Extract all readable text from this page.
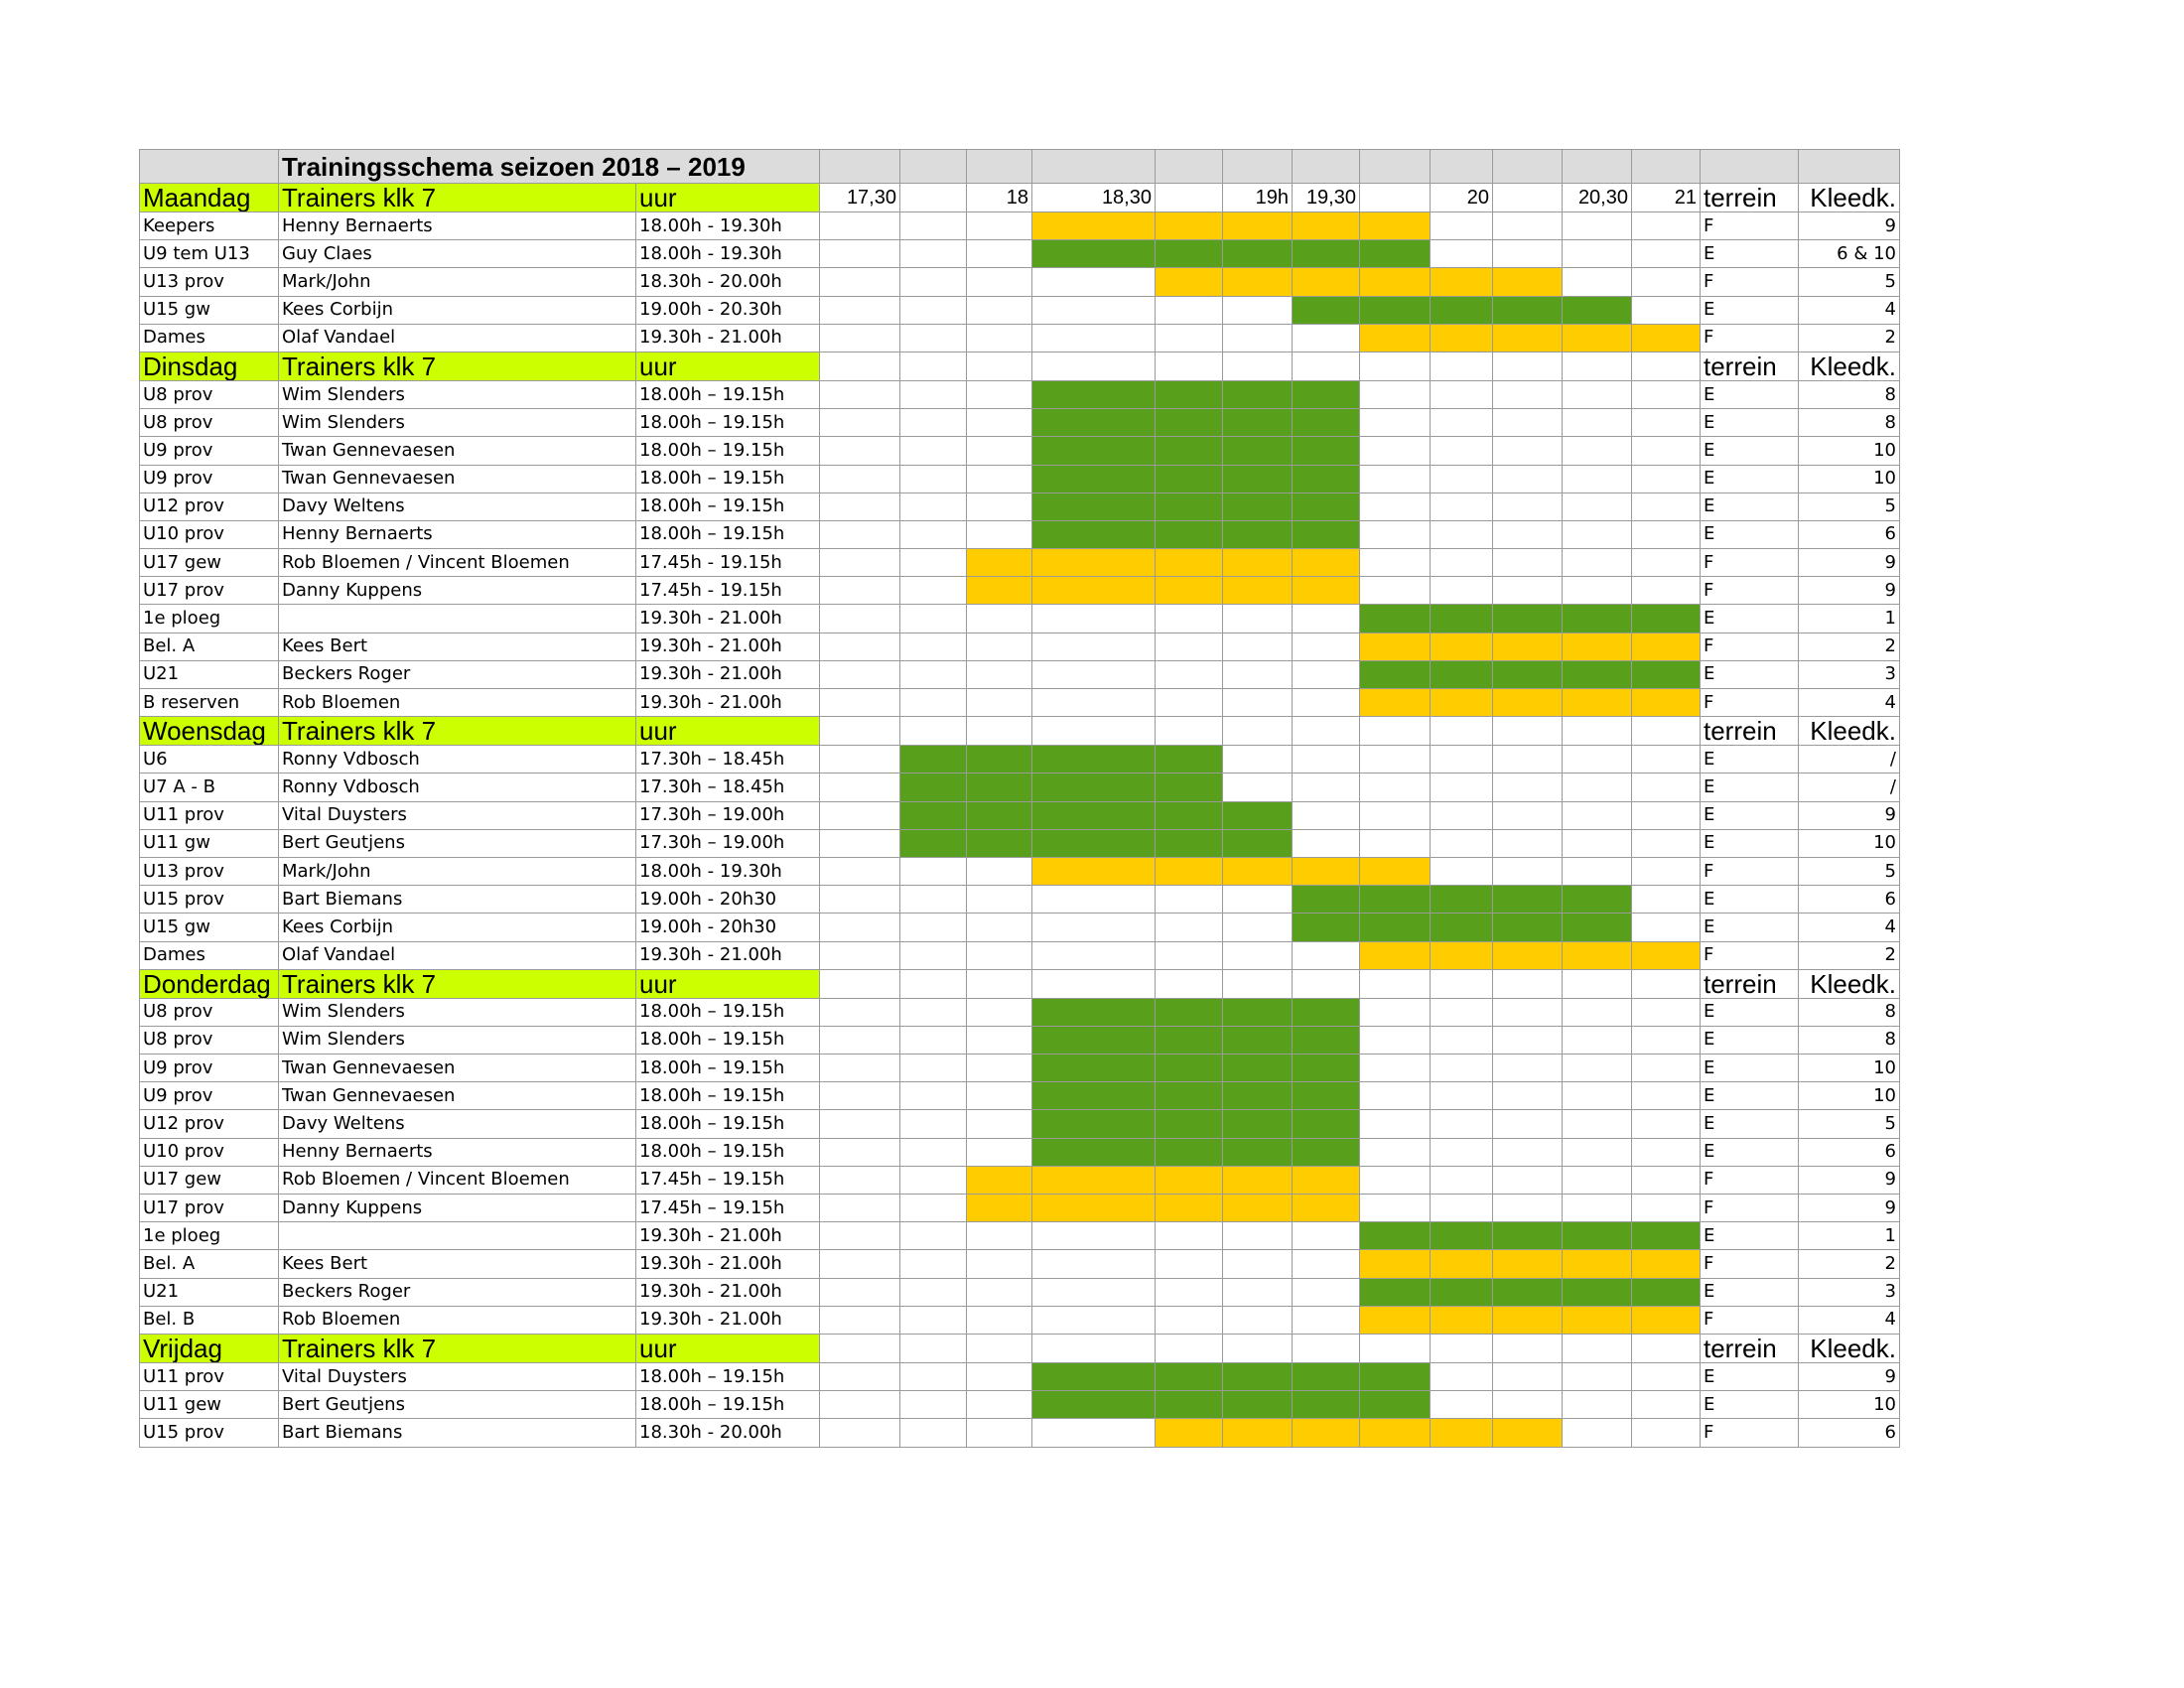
	Trainingsschema seizoen 2018 – 2019															
Maandag	Trainers klk 7	uur	17,30		18	18,30		19h	19,30		20		20,30	21	terrein	Kleedk.
Keepers	Henny Bernaerts	18.00h - 19.30h													F	9
U9 tem U13	Guy Claes	18.00h - 19.30h													E	6 & 10
U13 prov	Mark/John	18.30h - 20.00h													F	5
U15 gw	Kees Corbijn	19.00h - 20.30h													E	4
Dames	Olaf Vandael	19.30h - 21.00h													F	2
Dinsdag	Trainers klk 7	uur													terrein	Kleedk.
U8 prov	Wim Slenders	18.00h – 19.15h													E	8
U8 prov	Wim Slenders	18.00h – 19.15h													E	8
U9 prov	Twan Gennevaesen	18.00h – 19.15h													E	10
U9 prov	Twan Gennevaesen	18.00h – 19.15h													E	10
U12 prov	Davy Weltens	18.00h – 19.15h													E	5
U10 prov	Henny Bernaerts	18.00h – 19.15h													E	6
U17 gew	Rob Bloemen / Vincent Bloemen	17.45h - 19.15h													F	9
U17 prov	Danny Kuppens	17.45h - 19.15h													F	9
1e ploeg		19.30h - 21.00h													E	1
Bel. A	Kees Bert	19.30h - 21.00h													F	2
U21	Beckers Roger	19.30h - 21.00h													E	3
B reserven	Rob Bloemen	19.30h - 21.00h													F	4
Woensdag	Trainers klk 7	uur													terrein	Kleedk.
U6	Ronny Vdbosch	17.30h – 18.45h													E	/
U7 A - B	Ronny Vdbosch	17.30h – 18.45h													E	/
U11 prov	Vital Duysters	17.30h – 19.00h													E	9
U11 gw	Bert Geutjens	17.30h – 19.00h													E	10
U13 prov	Mark/John	18.00h - 19.30h													F	5
U15 prov	Bart Biemans	19.00h - 20h30													E	6
U15 gw	Kees Corbijn	19.00h - 20h30													E	4
Dames	Olaf Vandael	19.30h - 21.00h													F	2
Donderdag	Trainers klk 7	uur													terrein	Kleedk.
U8 prov	Wim Slenders	18.00h – 19.15h													E	8
U8 prov	Wim Slenders	18.00h – 19.15h													E	8
U9 prov	Twan Gennevaesen	18.00h – 19.15h													E	10
U9 prov	Twan Gennevaesen	18.00h – 19.15h													E	10
U12 prov	Davy Weltens	18.00h – 19.15h													E	5
U10 prov	Henny Bernaerts	18.00h – 19.15h													E	6
U17 gew	Rob Bloemen / Vincent Bloemen	17.45h – 19.15h													F	9
U17 prov	Danny Kuppens	17.45h – 19.15h													F	9
1e ploeg		19.30h - 21.00h													E	1
Bel. A	Kees Bert	19.30h - 21.00h													F	2
U21	Beckers Roger	19.30h - 21.00h													E	3
Bel. B	Rob Bloemen	19.30h - 21.00h													F	4
Vrijdag	Trainers klk 7	uur													terrein	Kleedk.
U11 prov	Vital Duysters	18.00h – 19.15h													E	9
U11 gew	Bert Geutjens	18.00h – 19.15h													E	10
U15 prov	Bart Biemans	18.30h - 20.00h													F	6
